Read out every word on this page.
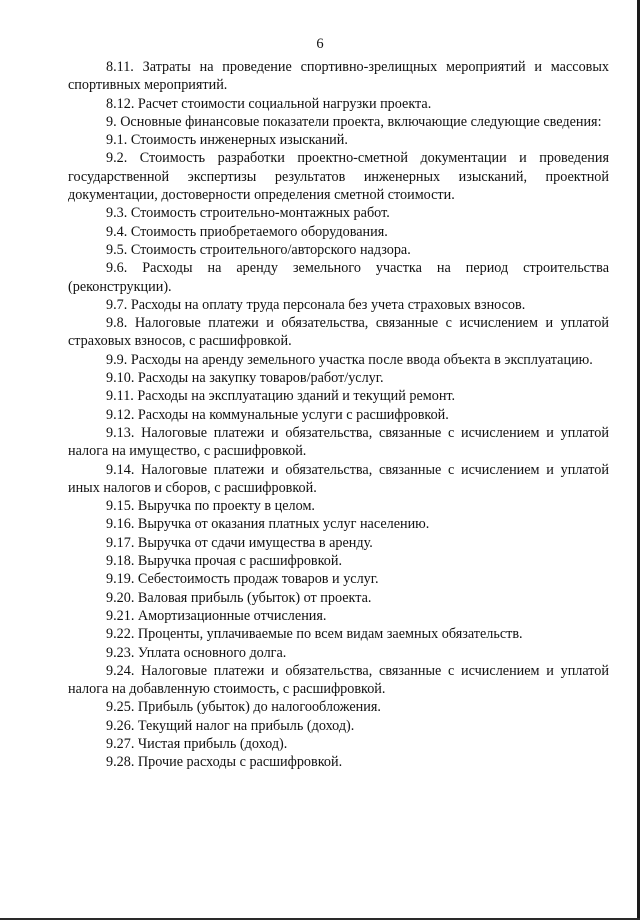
6

8.11. Затраты на проведение спортивно-зрелищных мероприятий и массовых спортивных мероприятий.

8.12. Расчет стоимости социальной нагрузки проекта.

9. Основные финансовые показатели проекта, включающие следующие сведения:

9.1. Стоимость инженерных изысканий.

9.2. Стоимость разработки проектно-сметной документации и проведения государственной экспертизы результатов инженерных изысканий, проектной документации, достоверности определения сметной стоимости.

9.3. Стоимость строительно-монтажных работ.

9.4. Стоимость приобретаемого оборудования.

9.5. Стоимость строительного/авторского надзора.

9.6. Расходы на аренду земельного участка на период строительства (реконструкции).

9.7. Расходы на оплату труда персонала без учета страховых взносов.

9.8. Налоговые платежи и обязательства, связанные с исчислением и уплатой страховых взносов, с расшифровкой.

9.9. Расходы на аренду земельного участка после ввода объекта в эксплуатацию.

9.10. Расходы на закупку товаров/работ/услуг.

9.11. Расходы на эксплуатацию зданий и текущий ремонт.

9.12. Расходы на коммунальные услуги с расшифровкой.

9.13. Налоговые платежи и обязательства, связанные с исчислением и уплатой налога на имущество, с расшифровкой.

9.14. Налоговые платежи и обязательства, связанные с исчислением и уплатой иных налогов и сборов, с расшифровкой.

9.15. Выручка по проекту в целом.

9.16. Выручка от оказания платных услуг населению.

9.17. Выручка от сдачи имущества в аренду.

9.18. Выручка прочая с расшифровкой.

9.19. Себестоимость продаж товаров и услуг.

9.20. Валовая прибыль (убыток) от проекта.

9.21. Амортизационные отчисления.

9.22. Проценты, уплачиваемые по всем видам заемных обязательств.

9.23. Уплата основного долга.

9.24. Налоговые платежи и обязательства, связанные с исчислением и уплатой налога на добавленную стоимость, с расшифровкой.

9.25. Прибыль (убыток) до налогообложения.

9.26. Текущий налог на прибыль (доход).

9.27. Чистая прибыль (доход).

9.28. Прочие расходы с расшифровкой.
